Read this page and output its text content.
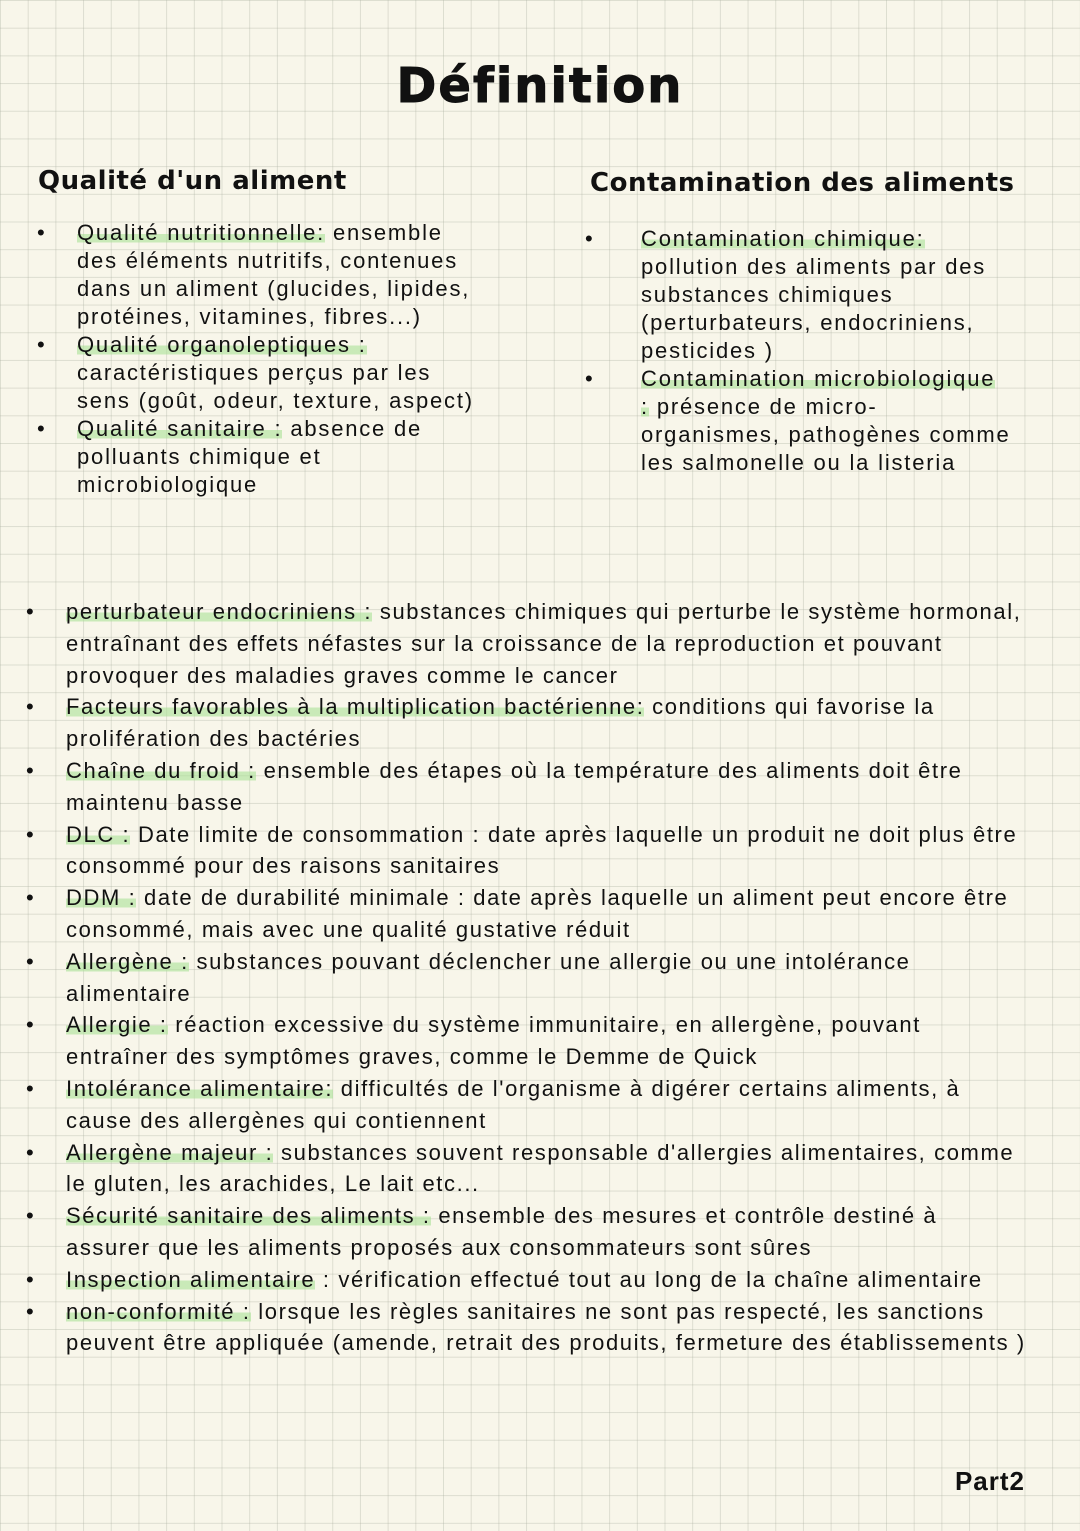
Définition
Qualité d'un aliment	Contamination des aliments
• Qualité nutritionnelle: ensemble des éléments nutritifs, contenues dans un aliment (glucides, lipides, protéines, vitamines, fibres...)
• Qualité organoleptiques : caractéristiques perçus par les sens (goût, odeur, texture, aspect)
• Qualité sanitaire : absence de polluants chimique et microbiologique
• Contamination chimique: pollution des aliments par des substances chimiques (perturbateurs, endocriniens, pesticides )
• Contamination microbiologique : présence de micro-organismes, pathogènes comme les salmonelle ou la listeria
• perturbateur endocriniens : substances chimiques qui perturbe le système hormonal, entraînant des effets néfastes sur la croissance de la reproduction et pouvant provoquer des maladies graves comme le cancer
• Facteurs favorables à la multiplication bactérienne: conditions qui favorise la prolifération des bactéries
• Chaîne du froid : ensemble des étapes où la température des aliments doit être maintenu basse
• DLC : Date limite de consommation : date après laquelle un produit ne doit plus être consommé pour des raisons sanitaires
• DDM : date de durabilité minimale : date après laquelle un aliment peut encore être consommé, mais avec une qualité gustative réduit
• Allergène : substances pouvant déclencher une allergie ou une intolérance alimentaire
• Allergie : réaction excessive du système immunitaire, en allergène, pouvant entraîner des symptômes graves, comme le Demme de Quick
• Intolérance alimentaire: difficultés de l'organisme à digérer certains aliments, à cause des allergènes qui contiennent
• Allergène majeur : substances souvent responsable d'allergies alimentaires, comme le gluten, les arachides, Le lait etc...
• Sécurité sanitaire des aliments : ensemble des mesures et contrôle destiné à assurer que les aliments proposés aux consommateurs sont sûres
• Inspection alimentaire : vérification effectué tout au long de la chaîne alimentaire
• non-conformité : lorsque les règles sanitaires ne sont pas respecté, les sanctions peuvent être appliquée (amende, retrait des produits, fermeture des établissements )
Part2
